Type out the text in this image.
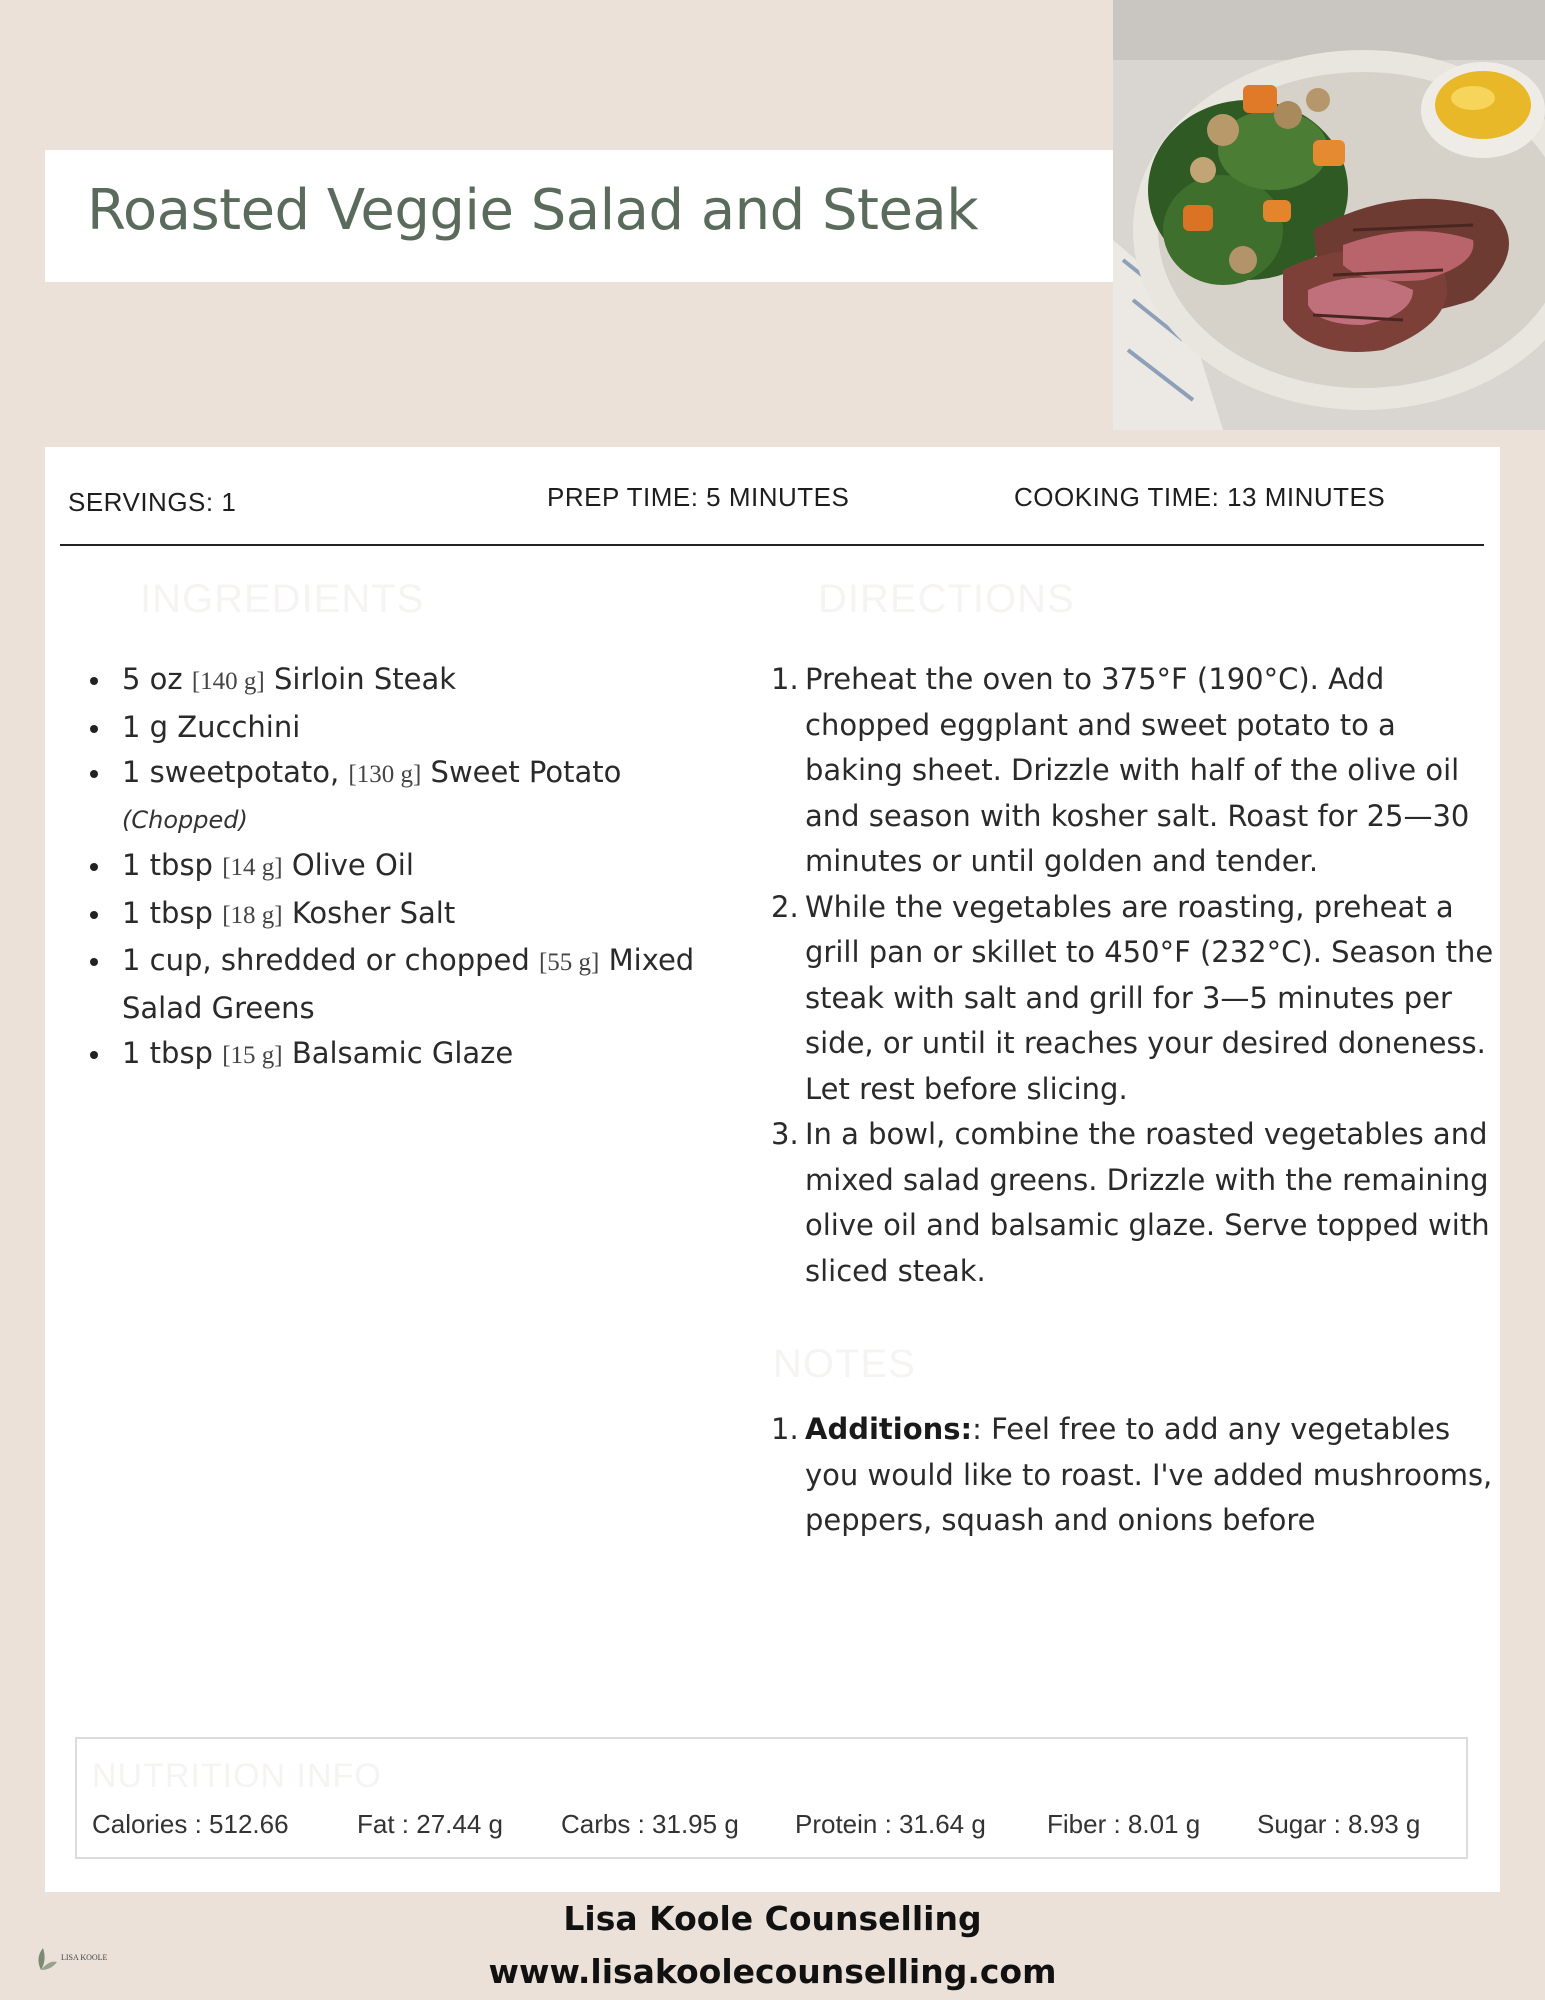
Roasted Veggie Salad and Steak
SERVINGS: 1	PREP TIME: 5 MINUTES	COOKING TIME: 13 MINUTES
INGREDIENTS	DIRECTIONS
5 oz [140 g] Sirloin Steak
1 g Zucchini
1 sweetpotato, [130 g] Sweet Potato
(Chopped)
1 tbsp [14 g] Olive Oil
1 tbsp [18 g] Kosher Salt
1 cup, shredded or chopped [55 g] Mixed Salad Greens
1 tbsp [15 g] Balsamic Glaze
1. Preheat the oven to 375°F (190°C). Add chopped eggplant and sweet potato to a baking sheet. Drizzle with half of the olive oil and season with kosher salt. Roast for 25—30 minutes or until golden and tender.
2. While the vegetables are roasting, preheat a grill pan or skillet to 450°F (232°C). Season the steak with salt and grill for 3—5 minutes per side, or until it reaches your desired doneness. Let rest before slicing.
3. In a bowl, combine the roasted vegetables and mixed salad greens. Drizzle with the remaining olive oil and balsamic glaze. Serve topped with sliced steak.
NOTES
1. Additions:: Feel free to add any vegetables you would like to roast. I've added mushrooms, peppers, squash and onions before
NUTRITION INFO
Calories : 512.66	Fat : 27.44 g Carbs : 31.95 g Protein : 31.64 g Fiber : 8.01 g Sugar : 8.93 g
LISA KOOLE
Lisa Koole Counselling
www.lisakoolecounselling.com
